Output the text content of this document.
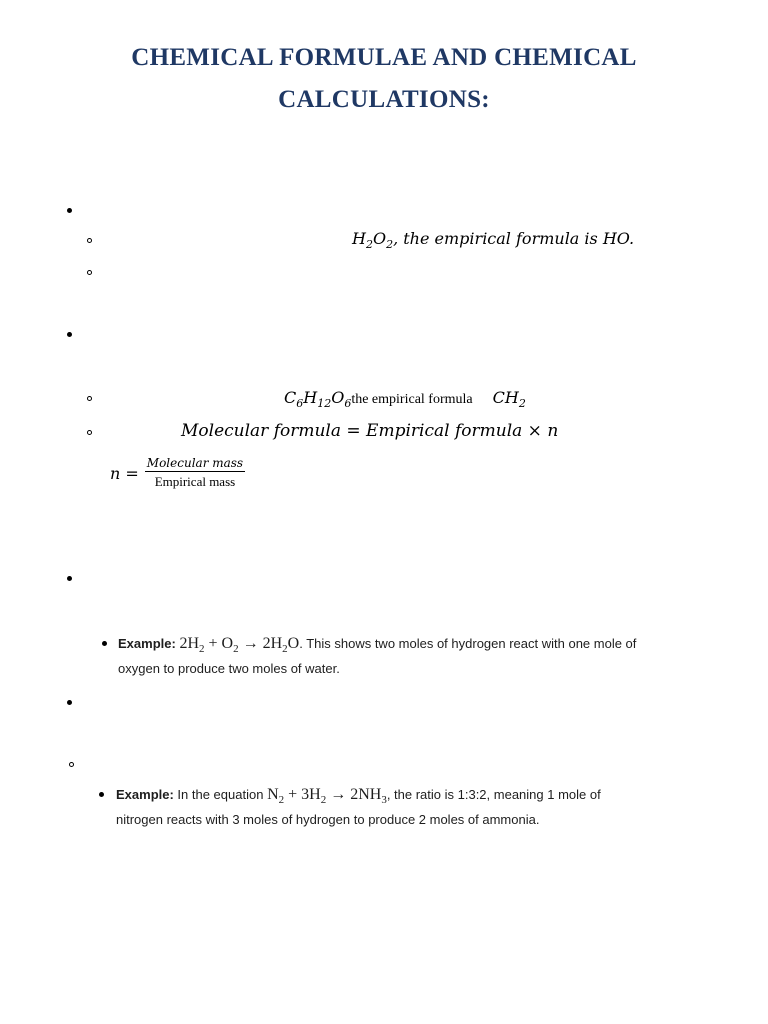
CHEMICAL FORMULAE AND CHEMICAL
CALCULATIONS:
$H_2O_2$, the empirical formula is HO.
$C_6H_{12}O_6the$ empirical formula $CH_2$
Molecular formula = Empirical formula × n
$n = \frac{\text{Molecular mass}}{\text{Empirical mass}}$
Example: $2H_2 + O_2 \to 2H_2O$. This shows two moles of hydrogen react with one mole of
oxygen to produce two moles of water.
Example: In the equation $N_2 + 3H_2 \to 2NH_3$, the ratio is 1:3:2, meaning 1 mole of
nitrogen reacts with 3 moles of hydrogen to produce 2 moles of ammonia.
